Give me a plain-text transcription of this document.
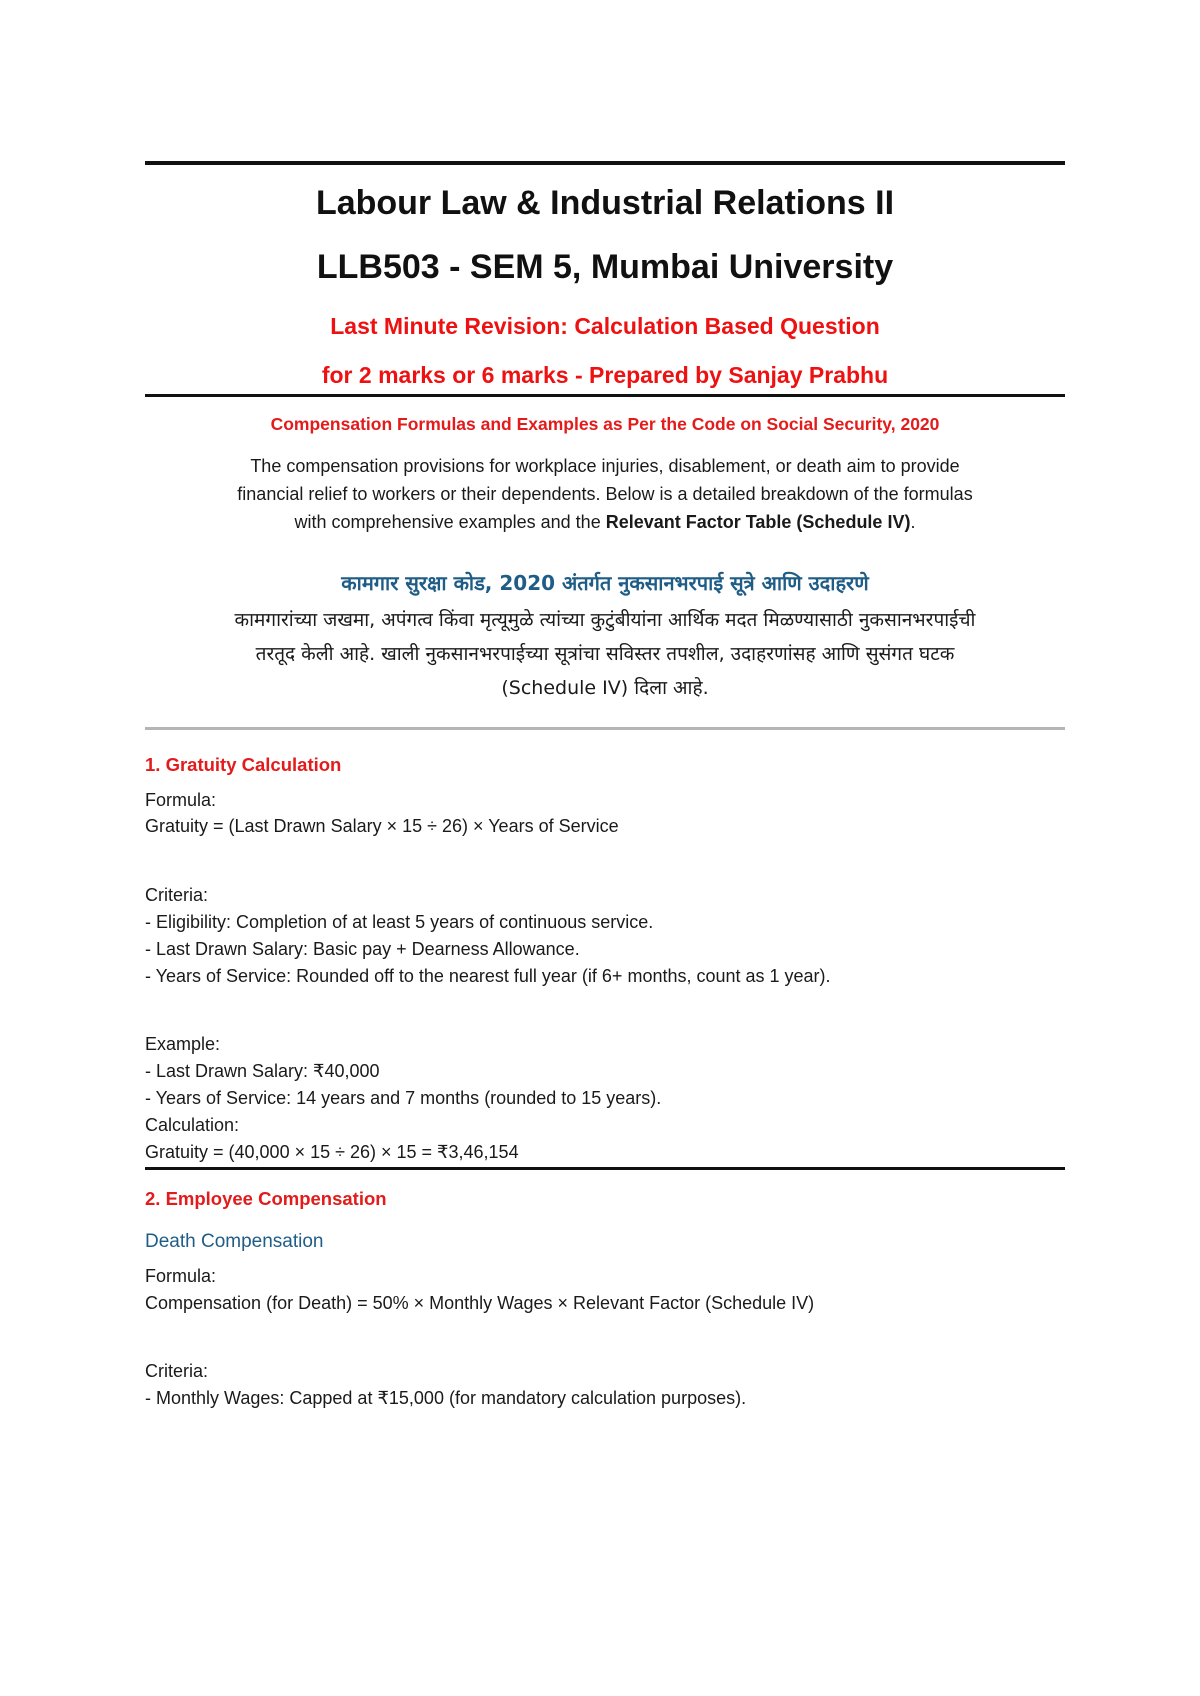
Labour Law & Industrial Relations II
LLB503 - SEM 5, Mumbai University
Last Minute Revision: Calculation Based Question
for 2 marks or 6 marks - Prepared by Sanjay Prabhu
Compensation Formulas and Examples as Per the Code on Social Security, 2020
The compensation provisions for workplace injuries, disablement, or death aim to provide
financial relief to workers or their dependents. Below is a detailed breakdown of the formulas
with comprehensive examples and the Relevant Factor Table (Schedule IV).
कामगार सुरक्षा कोड, 2020 अंतर्गत नुकसानभरपाई सूत्रे आणि उदाहरणे
कामगारांच्या जखमा, अपंगत्व किंवा मृत्यूमुळे त्यांच्या कुटुंबीयांना आर्थिक मदत मिळण्यासाठी नुकसानभरपाईची
तरतूद केली आहे. खाली नुकसानभरपाईच्या सूत्रांचा सविस्तर तपशील, उदाहरणांसह आणि सुसंगत घटक
(Schedule IV) दिला आहे.
1. Gratuity Calculation
Formula:
Gratuity = (Last Drawn Salary × 15 ÷ 26) × Years of Service
Criteria:
- Eligibility: Completion of at least 5 years of continuous service.
- Last Drawn Salary: Basic pay + Dearness Allowance.
- Years of Service: Rounded off to the nearest full year (if 6+ months, count as 1 year).
Example:
- Last Drawn Salary: ₹40,000
- Years of Service: 14 years and 7 months (rounded to 15 years).
Calculation:
Gratuity = (40,000 × 15 ÷ 26) × 15 = ₹3,46,154
2. Employee Compensation
Death Compensation
Formula:
Compensation (for Death) = 50% × Monthly Wages × Relevant Factor (Schedule IV)
Criteria:
- Monthly Wages: Capped at ₹15,000 (for mandatory calculation purposes).
